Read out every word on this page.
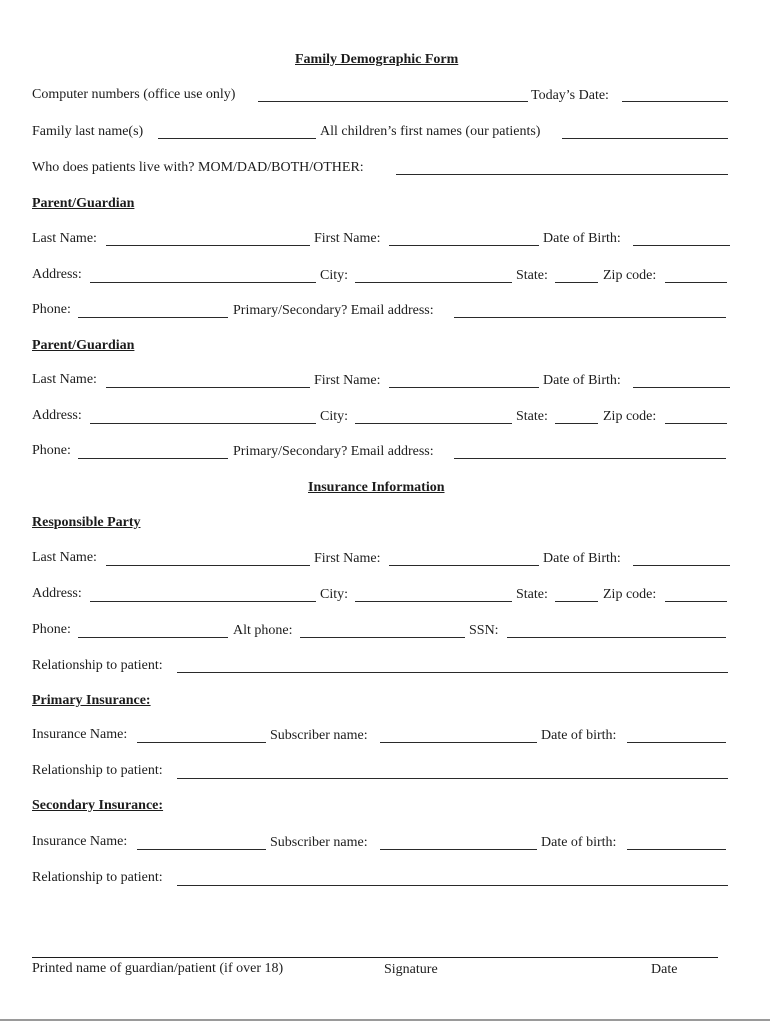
Family Demographic Form
Computer numbers (office use only)	Today’s Date:
Family last name(s)	All children’s first names (our patients)
Who does patients live with? MOM/DAD/BOTH/OTHER:
Parent/Guardian
Last Name:	First Name:	Date of Birth:
Address:	City:	State:	Zip code:
Phone:	Primary/Secondary? Email address:
Parent/Guardian
Last Name:	First Name:	Date of Birth:
Address:	City:	State:	Zip code:
Phone:	Primary/Secondary? Email address:
Insurance Information
Responsible Party
Last Name:	First Name:	Date of Birth:
Address:	City:	State:	Zip code:
Phone:	Alt phone:	SSN:
Relationship to patient:
Primary Insurance:
Insurance Name:	Subscriber name:	Date of birth:
Relationship to patient:
Secondary Insurance:
Insurance Name:	Subscriber name:	Date of birth:
Relationship to patient:
Printed name of guardian/patient (if over 18)	Signature	Date
